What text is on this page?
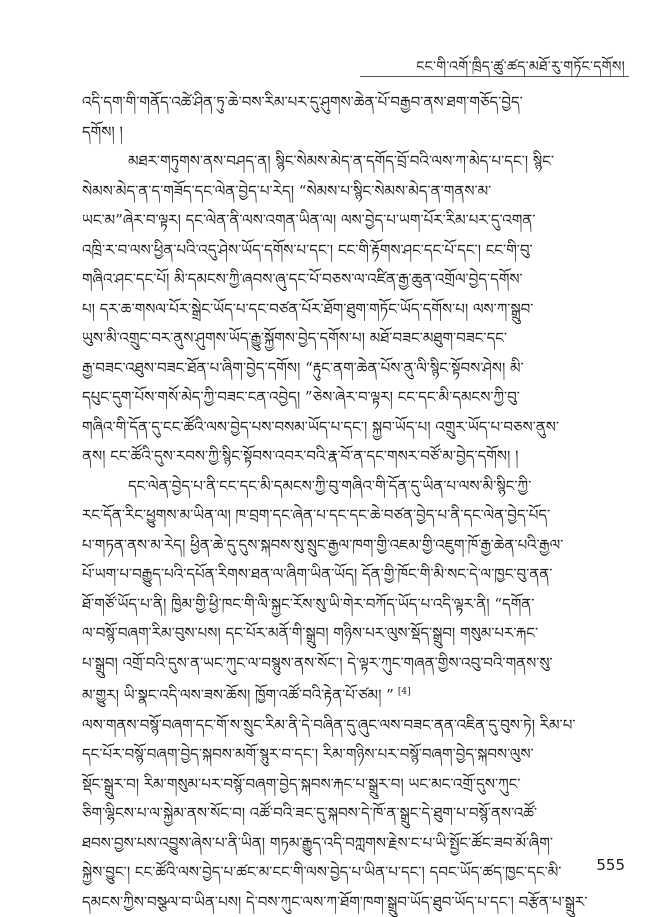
ངང་གི་འགོ་ཁྲིད་ཚུ་ཚད་མཐོ་རུ་གཏོང་དགོས།
འདི་དག་གི་གནོད་འཚེ་ཤིན་ཏུ་ཆེ་བས་རིམ་པར་དུ་ཤུགས་ཆེན་པོ་བརྒྱབ་ནས་ཐག་གཅོད་བྱེད་
དགོས། །
མཐར་གཏུགས་ནས་བཤད་ན། སྙིང་སེམས་མེད་ན་དགོད་བྲོ་བའི་ལས་ཀ་མེད་པ་དང་། སྙིང་
སེམས་མེད་ན་ད་གཟོད་དང་ལེན་བྱེད་པ་རེད། “སེམས་པ་སྙིང་སེམས་མེད་ན་གནས་མ་
ཡང་མ”ཞེར་བ་ལྟར། དང་ལེན་ནི་ལས་འགན་ཡིན་ལ། ལས་བྱེད་པ་ཡག་པོར་རིམ་པར་དུ་འགན་
འཁྲི་ར་བ་ལས་ཕྱིན་པའི་འདུ་ཤེས་ཡོད་དགོས་པ་དང་། ངང་གི་རྟོགས་ཤང་དང་པོ་དང་། ངང་གི་བུ་
གཞིའ་ཤང་དང་པོ། མི་དམངས་ཀྱི་ཞབས་ཞུ་དང་པོ་བཅས་ལ་འཛིན་རྒྱ་ཆུན་འགྲོལ་བྱེད་དགོས་
པ། དར་ཆ་གསལ་པོར་སྒྲེང་ཡོད་པ་དང་བཙན་པོར་ཐོག་ཐུག་གཏོང་ཡོད་དགོས་པ། ལས་ཀ་སྒྲུབ་
ཡུས་མི་འགྲུང་བར་ནུས་ཤུགས་ཡོད་རྒྱུ་སྐྱོགས་བྱེད་དགོས་པ། མཐོ་བཟང་མཐུག་བཟང་དང་
རྒྱ་བཟང་འཐུས་བཟང་ཐོན་པ་ཞིག་བྱེད་དགོས། “རྟུང་ནག་ཆེན་པོས་ནུ་ལི་སྙིང་སྟོབས་ཤེས། མི་
དཔུང་དུག་པོས་གསོ་མེད་ཀྱི་བཟང་ངན་འབྱེད། ”ཅེས་ཞེར་བ་ལྟར། ངང་དང་མི་དམངས་ཀྱི་བུ་
གཞིའ་གི་དོན་དུ་ངང་ཚོའི་ལས་བྱེད་པས་བསམ་ཡོད་པ་དང་། སྐྱབ་ཡོད་པ། འགྲུར་ཡོད་པ་བཅས་ནུས་
ནས། ངང་ཚོའི་དུས་རབས་ཀྱི་སྙིང་སྟོབས་འབར་བའི་རྣ་བོ་ན་དང་གསར་བཙོ་མ་བྱེད་དགོས། །
དང་ལེན་བྱེད་པ་ནི་ངང་དང་མི་དམངས་ཀྱི་བུ་གཞིའ་གི་དོན་དུ་ཡིན་པ་ལས་མི་སྙིང་ཀྱི་
རང་དོན་རིང་ཕྱུགས་མ་ཡིན་ལ། ཁ་བྲག་དང་ཞེན་པ་དང་དང་ཆེ་བཙན་བྱེད་པ་ནི་དང་ལེན་བྱེད་པོད་
པ་གཏན་ནས་མ་རེད། ཕྱིན་ཆེ་དུ་དུས་སྐབས་སུ་སྲུང་རྒྱལ་ཁག་གྱི་འཇམ་གྱི་འཇུག་ཁོ་རྒྱ་ཆེན་པའི་རྒྱལ་
པོ་ཡག་པ་བརྒྱུད་པའི་དཔོན་རིགས་ཐན་ལ་ཞིག་ཡིན་ཡོད། དོན་གྱི་ཁོང་གི་མི་སང་དེ་ལ་ཁྱང་བུ་ནན་
ཐོ་གཙོ་ཡོད་པ་ནི། ཁྱིམ་གྱི་ཕྱི་ཁང་གི་ལི་སྐྱང་རོས་སུ་ཡི་གེར་བཀོད་ཡོད་པ་འདི་ལྟར་ནི། “དགོན་
ལ་བསྙོ་བཞག་རིམ་བུས་པས། དང་པོར་མནོ་གི་སྒྲུབ། གཉིས་པར་ལུས་སྡོད་སྒྲུབ། གསུམ་པར་རྐང་
པ་སྒྲུབ། འགྲོ་བའི་དུས་ན་ཡང་ཀུང་ལ་བསྙུས་ནས་སོང་། དེ་ལྟར་ཀུང་གཞན་གྱིས་འབུ་བའི་གནས་སུ་
མ་གྱུར། ཡི་སྣང་འདི་ལས་ཟས་ཆོས། ཁྱོག་འཚོ་བའི་རྟེན་པོ་ཙམ། ” [4]
ལས་གནས་བསྙོ་བཞག་དང་གོ་ས་སྲུང་རིམ་ནི་དེ་བཞིན་དུ་ཞུང་ལས་བཟང་ནན་འཇིན་དུ་བུས་ཏེ། རིམ་པ་
དང་པོར་བསྙོ་བཞག་བྱེད་སྐབས་མགོ་སྙུར་བ་དང་། རིམ་གཉིས་པར་བསྙོ་བཞག་བྱེད་སྐབས་ལུས་
སྡོང་སྒྲུར་བ། རིམ་གསུམ་པར་བསྙོ་བཞག་བྱེད་སྐབས་རྐང་པ་སྒྲུར་བ། ཡང་མང་འགྲོ་དུས་ཀུང་
ཅིག་ལྷིངས་པ་ལ་སྐྱེམ་ནས་སོང་བ། འཚོ་བའི་ཟང་དུ་སྐབས་དེ་ཁོ་ན་སྒྲུང་དེ་ཐུག་པ་བསྙོ་ནས་འཚོ་
ཐབས་བྱས་པས་འབྱུས་ཞེས་པ་ནི་ཡིན། གཏམ་རྒྱུད་འདི་བཀླགས་རྗེས་ང་པ་ཡི་སྤྱོང་ཚོང་ཟབ་མོ་ཞིག་
སྐྱེས་བྱུང་། ངང་ཚོའི་ལས་བྱེད་པ་ཚང་མ་ངང་གི་ལས་བྱེད་པ་ཡིན་པ་དང་། དབང་ཡོད་ཚད་ཁྱང་དང་མི་
དམངས་ཀྱིས་བསྩལ་བ་ཡིན་པས། དེ་བས་ཀུང་ལས་ཀ་ཐོག་ཁག་སྒྲུབ་ཡོད་ཐུབ་ཡོད་པ་དང་། བརྩོན་པ་སྒྲུར་
555
